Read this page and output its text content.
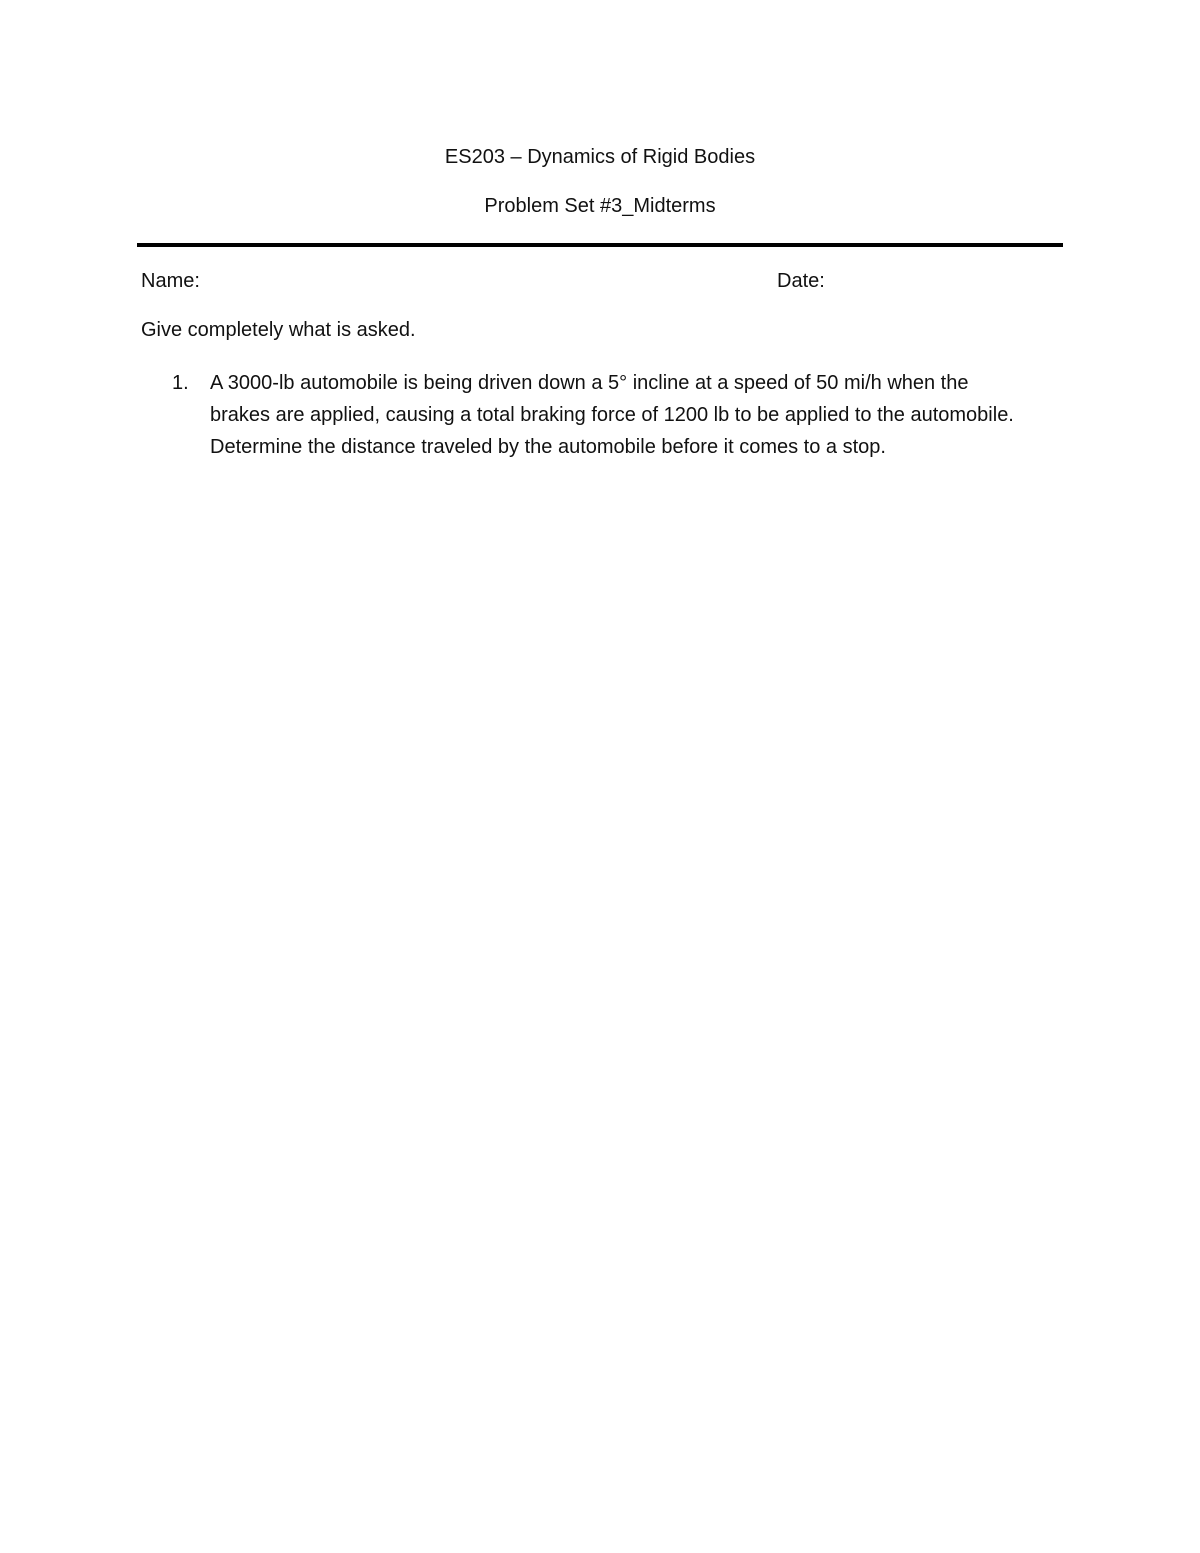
ES203 – Dynamics of Rigid Bodies
Problem Set #3_Midterms
Name:	Date:
Give completely what is asked.
1.	A 3000-lb automobile is being driven down a 5° incline at a speed of 50 mi/h when the
brakes are applied, causing a total braking force of 1200 lb to be applied to the automobile.
Determine the distance traveled by the automobile before it comes to a stop.
